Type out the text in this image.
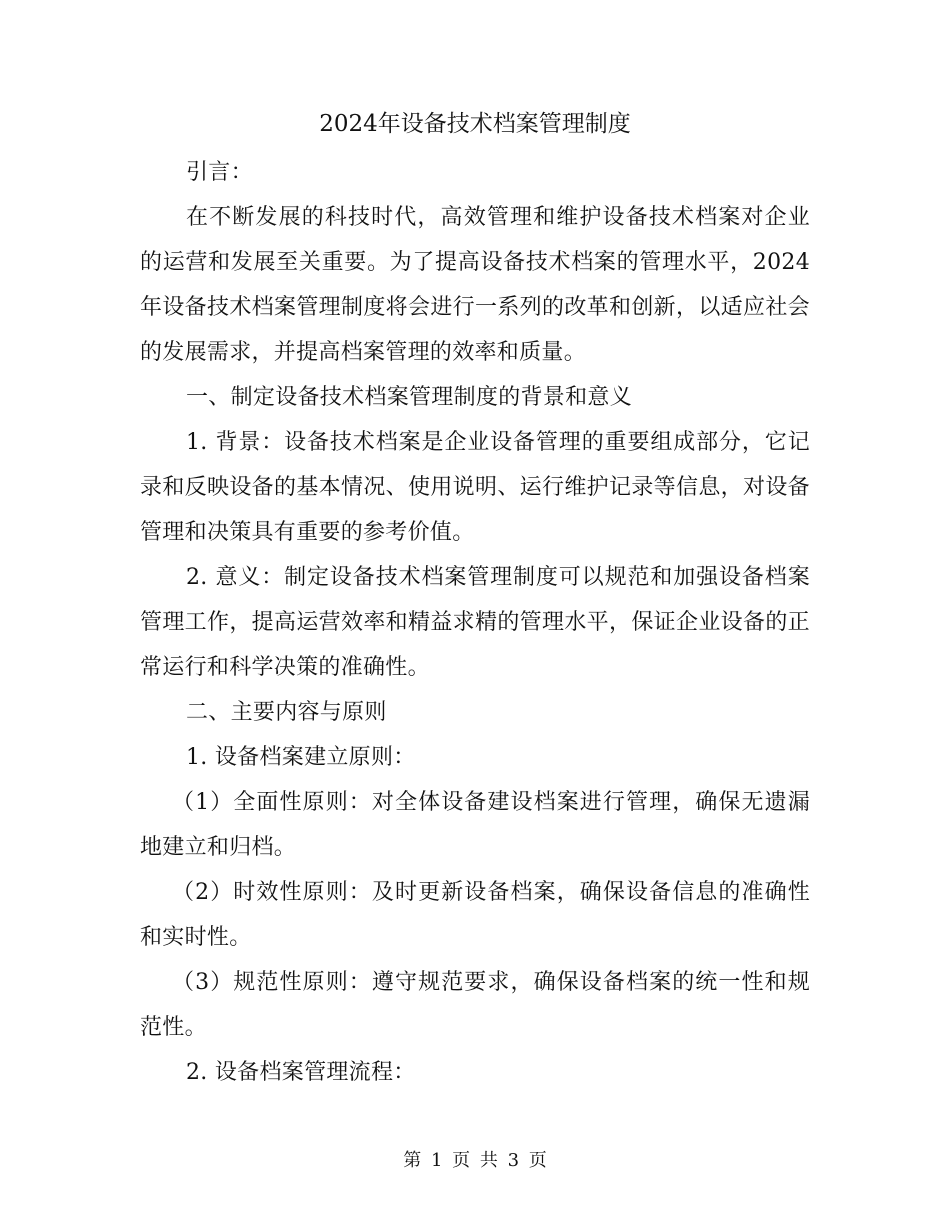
2024年设备技术档案管理制度

引言：

在不断发展的科技时代，高效管理和维护设备技术档案对企业的运营和发展至关重要。为了提高设备技术档案的管理水平，2024年设备技术档案管理制度将会进行一系列的改革和创新，以适应社会的发展需求，并提高档案管理的效率和质量。

一、制定设备技术档案管理制度的背景和意义

1. 背景：设备技术档案是企业设备管理的重要组成部分，它记录和反映设备的基本情况、使用说明、运行维护记录等信息，对设备管理和决策具有重要的参考价值。

2. 意义：制定设备技术档案管理制度可以规范和加强设备档案管理工作，提高运营效率和精益求精的管理水平，保证企业设备的正常运行和科学决策的准确性。

二、主要内容与原则

1. 设备档案建立原则：

（1）全面性原则：对全体设备建设档案进行管理，确保无遗漏地建立和归档。

（2）时效性原则：及时更新设备档案，确保设备信息的准确性和实时性。

（3）规范性原则：遵守规范要求，确保设备档案的统一性和规范性。

2. 设备档案管理流程：

第 1 页 共 3 页
